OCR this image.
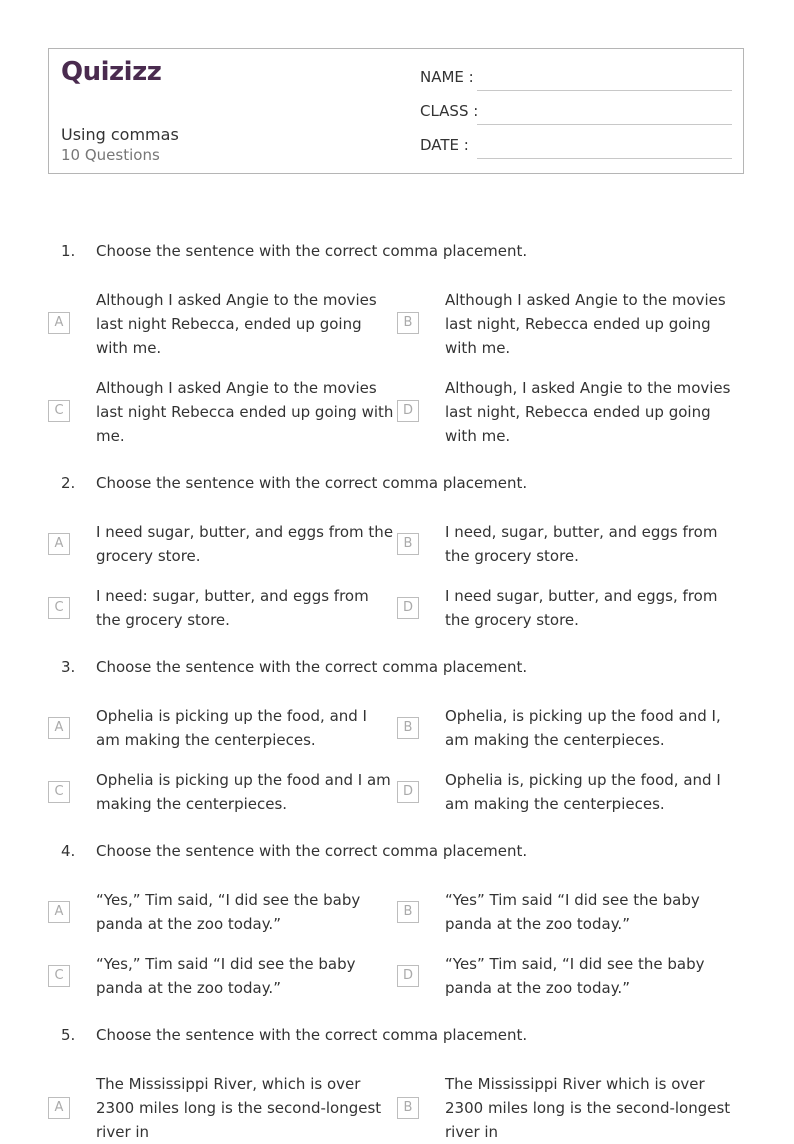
Quizizz
Using commas
10 Questions
NAME :
CLASS :
DATE :
1. Choose the sentence with the correct comma placement.
A
Although I asked Angie to the movies last night Rebecca, ended up going with me.
B
Although I asked Angie to the movies last night, Rebecca ended up going with me.
C
Although I asked Angie to the movies last night Rebecca ended up going with me.
D
Although, I asked Angie to the movies last night, Rebecca ended up going with me.
2. Choose the sentence with the correct comma placement.
A
I need sugar, butter, and eggs from the grocery store.
B
I need, sugar, butter, and eggs from the grocery store.
C
I need: sugar, butter, and eggs from the grocery store.
D
I need sugar, butter, and eggs, from the grocery store.
3. Choose the sentence with the correct comma placement.
A
Ophelia is picking up the food, and I am making the centerpieces.
B
Ophelia, is picking up the food and I, am making the centerpieces.
C
Ophelia is picking up the food and I am making the centerpieces.
D
Ophelia is, picking up the food, and I am making the centerpieces.
4. Choose the sentence with the correct comma placement.
A
“Yes,” Tim said, “I did see the baby panda at the zoo today.”
B
“Yes” Tim said “I did see the baby panda at the zoo today.”
C
“Yes,” Tim said “I did see the baby panda at the zoo today.”
D
“Yes” Tim said, “I did see the baby panda at the zoo today.”
5. Choose the sentence with the correct comma placement.
A
The Mississippi River, which is over 2300 miles long is the second-longest river in
B
The Mississippi River which is over 2300 miles long is the second-longest river in
